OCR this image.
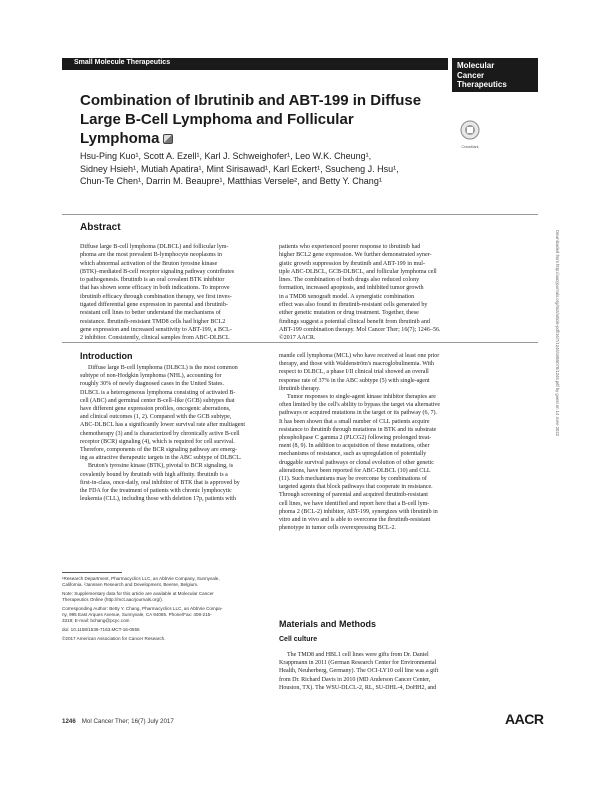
Small Molecule Therapeutics	Molecular
Cancer
Therapeutics
Combination of Ibrutinib and ABT-199 in Diffuse
Large B-Cell Lymphoma and Follicular
Lymphoma	CrossMark
Hsu-Ping Kuo¹, Scott A. Ezell¹, Karl J. Schweighofer¹, Leo W.K. Cheung¹,
Sidney Hsieh¹, Mutiah Apatira¹, Mint Sirisawad¹, Karl Eckert¹, Ssucheng J. Hsu¹,
Chun-Te Chen¹, Darrin M. Beaupre¹, Matthias Versele², and Betty Y. Chang¹
Abstract
Diffuse large B-cell lymphoma (DLBCL) and follicular lym-
phoma are the most prevalent B-lymphocyte neoplasms in
which abnormal activation of the Bruton tyrosine kinase
(BTK)–mediated B-cell receptor signaling pathway contributes
to pathogenesis. Ibrutinib is an oral covalent BTK inhibitor
that has shown some efficacy in both indications. To improve
ibrutinib efficacy through combination therapy, we first inves-
tigated differential gene expression in parental and ibrutinib-
resistant cell lines to better understand the mechanisms of
resistance. Ibrutinib-resistant TMD8 cells had higher BCL2
gene expression and increased sensitivity to ABT-199, a BCL-
2 inhibitor. Consistently, clinical samples from ABC-DLBCL
patients who experienced poorer response to ibrutinib had
higher BCL2 gene expression. We further demonstrated syner-
gistic growth suppression by ibrutinib and ABT-199 in mul-
tiple ABC-DLBCL, GCB-DLBCL, and follicular lymphoma cell
lines. The combination of both drugs also reduced colony
formation, increased apoptosis, and inhibited tumor growth
in a TMD8 xenograft model. A synergistic combination
effect was also found in ibrutinib-resistant cells generated by
either genetic mutation or drug treatment. Together, these
findings suggest a potential clinical benefit from ibrutinib and
ABT-199 combination therapy. Mol Cancer Ther; 16(7); 1246–56.
©2017 AACR.	Downloaded from http://aacrjournals.org/mct/article-pdf/16/7/1246/1855070/1246.pdf by guest on 14 June 2022
Introduction
Diffuse large B-cell lymphoma (DLBCL) is the most common
subtype of non-Hodgkin lymphoma (NHL), accounting for
roughly 30% of newly diagnosed cases in the United States.
DLBCL is a heterogeneous lymphoma consisting of activated B-
cell (ABC) and germinal center B-cell–like (GCB) subtypes that
have different gene expression profiles, oncogenic aberrations,
and clinical outcomes (1, 2). Compared with the GCB subtype,
ABC-DLBCL has a significantly lower survival rate after multiagent
chemotherapy (3) and is characterized by chronically active B-cell
receptor (BCR) signaling (4), which is required for cell survival.
Therefore, components of the BCR signaling pathway are emerg-
ing as attractive therapeutic targets in the ABC subtype of DLBCL.
Bruton's tyrosine kinase (BTK), pivotal to BCR signaling, is
covalently bound by ibrutinib with high affinity. Ibrutinib is a
first-in-class, once-daily, oral inhibitor of BTK that is approved by
the FDA for the treatment of patients with chronic lymphocytic
leukemia (CLL), including those with deletion 17p, patients with
mantle cell lymphoma (MCL) who have received at least one prior
therapy, and those with Waldenström's macroglobulinemia. With
respect to DLBCL, a phase I/II clinical trial showed an overall
response rate of 37% in the ABC subtype (5) with single-agent
ibrutinib therapy.
Tumor responses to single-agent kinase inhibitor therapies are
often limited by the cell's ability to bypass the target via alternative
pathways or acquired mutations in the target or its pathway (6, 7).
It has been shown that a small number of CLL patients acquire
resistance to ibrutinib through mutations in BTK and its substrate
phospholipase C gamma 2 (PLCG2) following prolonged treat-
ment (8, 9). In addition to acquisition of these mutations, other
mechanisms of resistance, such as upregulation of potentially
druggable survival pathways or clonal evolution of other genetic
alterations, have been reported for ABC-DLBCL (10) and CLL
(11). Such mechanisms may be overcome by combinations of
targeted agents that block pathways that cooperate in resistance.
Through screening of parental and acquired ibrutinib-resistant
cell lines, we have identified and report here that a B-cell lym-
phoma 2 (BCL-2) inhibitor, ABT-199, synergizes with ibrutinib in
vitro and in vivo and is able to overcome the ibrutinib-resistant
phenotype in tumor cells overexpressing BCL-2.
Materials and Methods
Cell culture
The TMD8 and HBL1 cell lines were gifts from Dr. Daniel
Krappmann in 2011 (German Research Center for Environmental
Health, Neuherberg, Germany). The OCI-LY10 cell line was a gift
from Dr. Richard Davis in 2010 (MD Anderson Cancer Center,
Houston, TX). The WSU-DLCL-2, RL, SU-DHL-4, DoHH2, and
¹Research Department, Pharmacyclics LLC, an AbbVie Company, Sunnyvale,
California. ²Janssen Research and Development, Beerse, Belgium.
Note: Supplementary data for this article are available at Molecular Cancer
Therapeutics Online (http://mct.aacrjournals.org/).
Corresponding Author: Betty Y. Chang, Pharmacyclics LLC, an AbbVie Compa-
ny, 995 East Arques Avenue, Sunnyvale, CA 94085. Phone/Fax: 408-215-
3318; E-mail: bchang@pcyc.com
doi: 10.1158/1535-7163.MCT-16-0555
©2017 American Association for Cancer Research.
1246 Mol Cancer Ther; 16(7) July 2017	AACR
